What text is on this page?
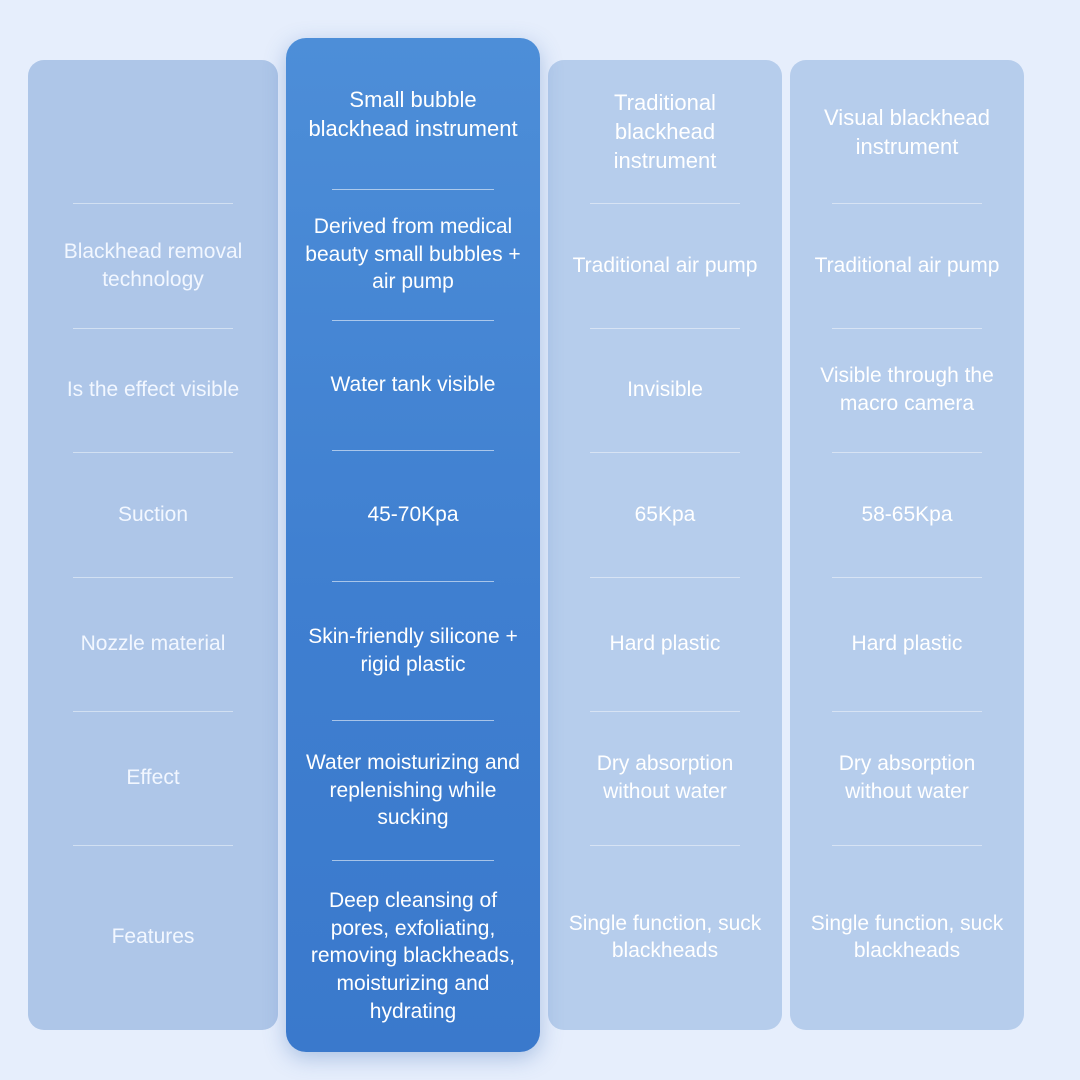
Blackhead removal technology
Is the effect visible
Suction
Nozzle material
Effect
Features
Small bubble blackhead instrument
Derived from medical beauty small bubbles + air pump
Water tank visible
45-70Kpa
Skin-friendly silicone + rigid plastic
Water moisturizing and replenishing while sucking
Deep cleansing of pores, exfoliating, removing blackheads, moisturizing and hydrating
Traditional blackhead instrument
Traditional air pump
Invisible
65Kpa
Hard plastic
Dry absorption without water
Single function, suck blackheads
Visual blackhead instrument
Traditional air pump
Visible through the macro camera
58-65Kpa
Hard plastic
Dry absorption without water
Single function, suck blackheads
